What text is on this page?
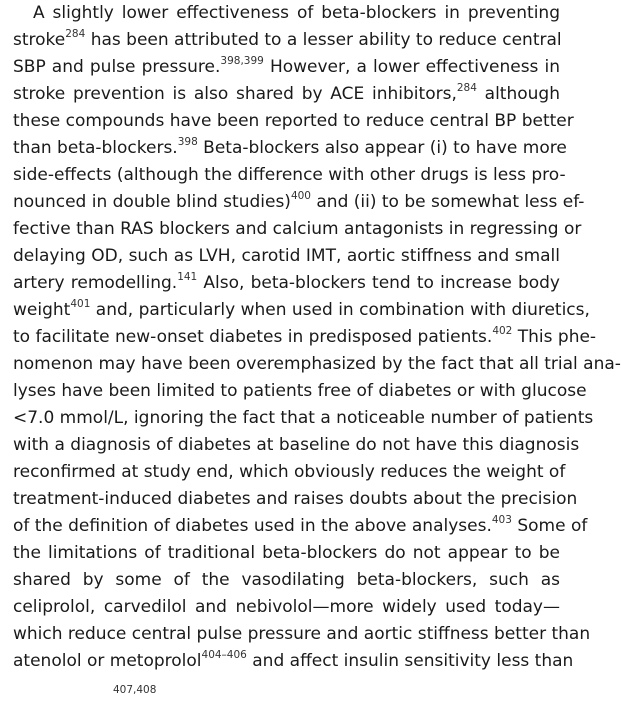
A slightly lower effectiveness of beta-blockers in preventing
stroke$^{284}$ has been attributed to a lesser ability to reduce central
SBP and pulse pressure.$^{398,399}$ However, a lower effectiveness in
stroke prevention is also shared by ACE inhibitors,$^{284}$ although
these compounds have been reported to reduce central BP better
than beta-blockers.$^{398}$ Beta-blockers also appear (i) to have more
side-effects (although the difference with other drugs is less pro-
nounced in double blind studies)$^{400}$ and (ii) to be somewhat less ef-
fective than RAS blockers and calcium antagonists in regressing or
delaying OD, such as LVH, carotid IMT, aortic stiffness and small
artery remodelling.$^{141}$ Also, beta-blockers tend to increase body
weight$^{401}$ and, particularly when used in combination with diuretics,
to facilitate new-onset diabetes in predisposed patients.$^{402}$ This phe-
nomenon may have been overemphasized by the fact that all trial ana-
lyses have been limited to patients free of diabetes or with glucose
<7.0 mmol/L, ignoring the fact that a noticeable number of patients
with a diagnosis of diabetes at baseline do not have this diagnosis
reconfirmed at study end, which obviously reduces the weight of
treatment-induced diabetes and raises doubts about the precision
of the definition of diabetes used in the above analyses.$^{403}$ Some of
the limitations of traditional beta-blockers do not appear to be
shared by some of the vasodilating beta-blockers, such as
celiprolol, carvedilol and nebivolol—more widely used today—
which reduce central pulse pressure and aortic stiffness better than
atenolol or metoprolol$^{404-406}$ and affect insulin sensitivity less than
407,408
